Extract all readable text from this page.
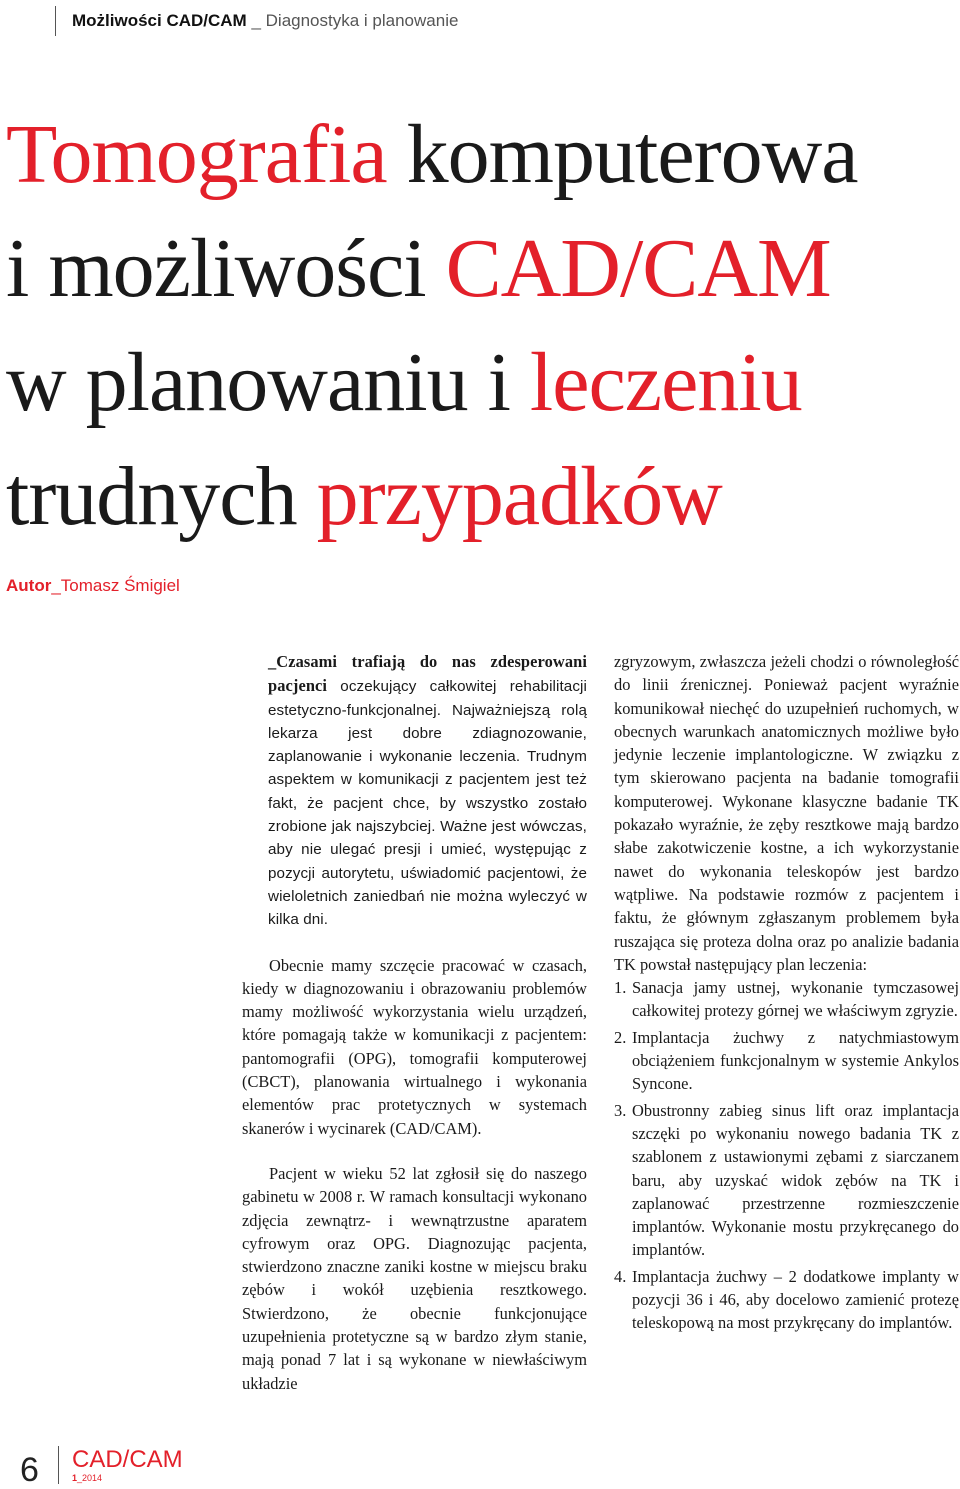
Możliwości CAD/CAM _ Diagnostyka i planowanie
Tomografia komputerowa
i możliwości CAD/CAM
w planowaniu i leczeniu
trudnych przypadków
Autor_Tomasz Śmigiel

_Czasami trafiają do nas zdesperowani pacjenci oczekujący całkowitej rehabilitacji estetyczno-funkcjonalnej. Najważniejszą rolą lekarza jest dobre zdiagnozowanie, zaplanowanie i wykonanie leczenia. Trudnym aspektem w komunikacji z pacjentem jest też fakt, że pacjent chce, by wszystko zostało zrobione jak najszybciej. Ważne jest wówczas, aby nie ulegać presji i umieć, występując z pozycji autorytetu, uświadomić pacjentowi, że wieloletnich zaniedbań nie można wyleczyć w kilka dni.

Obecnie mamy szczęcie pracować w czasach, kiedy w diagnozowaniu i obrazowaniu problemów mamy możliwość wykorzystania wielu urządzeń, które pomagają także w komunikacji z pacjentem: pantomografii (OPG), tomografii komputerowej (CBCT), planowania wirtualnego i wykonania elementów prac protetycznych w systemach skanerów i wycinarek (CAD/CAM).

Pacjent w wieku 52 lat zgłosił się do naszego gabinetu w 2008 r. W ramach konsultacji wykonano zdjęcia zewnątrz- i wewnątrzustne aparatem cyfrowym oraz OPG. Diagnozując pacjenta, stwierdzono znaczne zaniki kostne w miejscu braku zębów i wokół uzębienia resztkowego. Stwierdzono, że obecnie funkcjonujące uzupełnienia protetyczne są w bardzo złym stanie, mają ponad 7 lat i są wykonane w niewłaściwym układzie

zgryzowym, zwłaszcza jeżeli chodzi o równoległość do linii źrenicznej. Ponieważ pacjent wyraźnie komunikował niechęć do uzupełnień ruchomych, w obecnych warunkach anatomicznych możliwe było jedynie leczenie implantologiczne. W związku z tym skierowano pacjenta na badanie tomografii komputerowej. Wykonane klasyczne badanie TK pokazało wyraźnie, że zęby resztkowe mają bardzo słabe zakotwiczenie kostne, a ich wykorzystanie nawet do wykonania teleskopów jest bardzo wątpliwe. Na podstawie rozmów z pacjentem i faktu, że głównym zgłaszanym problemem była ruszająca się proteza dolna oraz po analizie badania TK powstał następujący plan leczenia:

1. Sanacja jamy ustnej, wykonanie tymczasowej całkowitej protezy górnej we właściwym zgryzie.
2. Implantacja żuchwy z natychmiastowym obciążeniem funkcjonalnym w systemie Ankylos Syncone.
3. Obustronny zabieg sinus lift oraz implantacja szczęki po wykonaniu nowego badania TK z szablonem z ustawionymi zębami z siarczanem baru, aby uzyskać widok zębów na TK i zaplanować przestrzenne rozmieszczenie implantów. Wykonanie mostu przykręcanego do implantów.
4. Implantacja żuchwy – 2 dodatkowe implanty w pozycji 36 i 46, aby docelowo zamienić protezę teleskopową na most przykręcany do implantów.
6 CAD/CAM
1_2014
